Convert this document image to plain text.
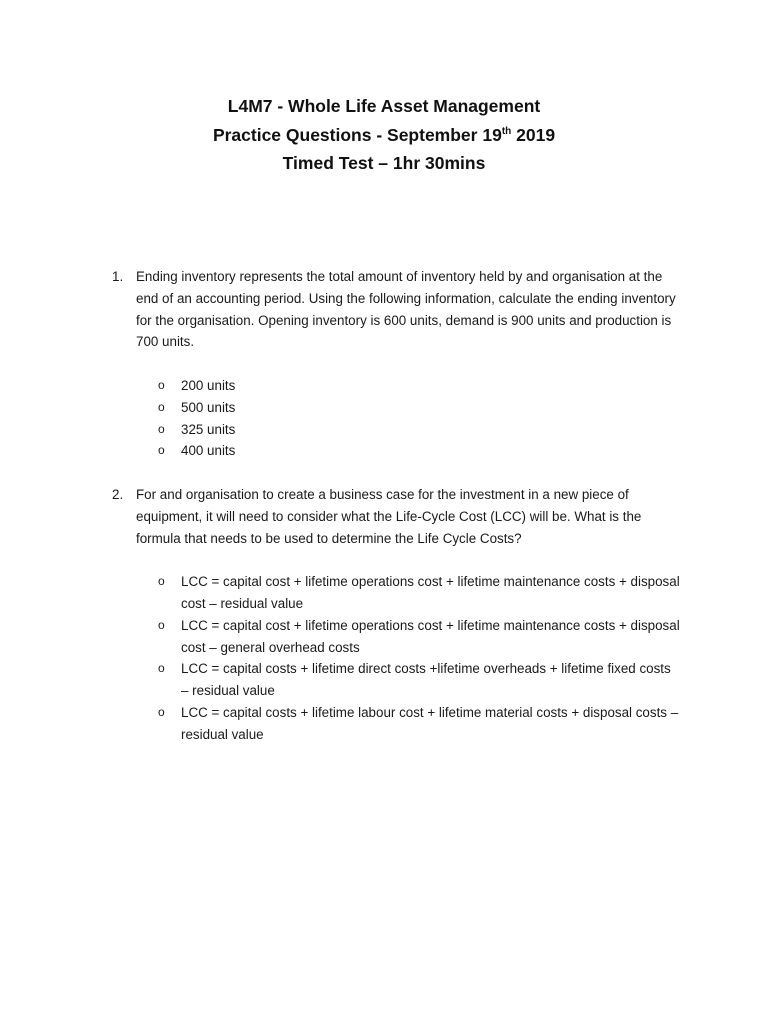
L4M7 - Whole Life Asset Management
Practice Questions - September 19th 2019
Timed Test – 1hr 30mins
1. Ending inventory represents the total amount of inventory held by and organisation at the end of an accounting period. Using the following information, calculate the ending inventory for the organisation. Opening inventory is 600 units, demand is 900 units and production is 700 units.
o 200 units
o 500 units
o 325 units
o 400 units
2. For and organisation to create a business case for the investment in a new piece of equipment, it will need to consider what the Life-Cycle Cost (LCC) will be. What is the formula that needs to be used to determine the Life Cycle Costs?
o LCC = capital cost + lifetime operations cost + lifetime maintenance costs + disposal cost – residual value
o LCC = capital cost + lifetime operations cost + lifetime maintenance costs + disposal cost – general overhead costs
o LCC = capital costs + lifetime direct costs +lifetime overheads + lifetime fixed costs – residual value
o LCC = capital costs + lifetime labour cost + lifetime material costs + disposal costs – residual value
